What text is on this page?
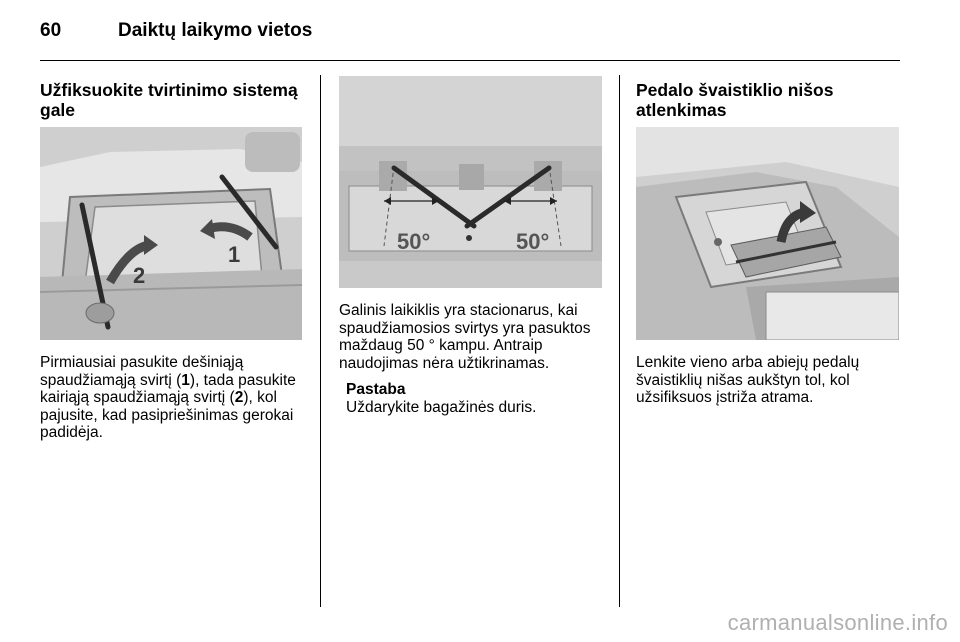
60	Daiktų laikymo vietos
Užfiksuokite tvirtinimo sistemą gale
1
2

Pirmiausiai pasukite dešiniąją spaudžiamąją svirtį (1), tada pasukite kairiąją spaudžiamąją svirtį (2), kol pajusite, kad pasipriešinimas gerokai padidėja.

50°	50°

Galinis laikiklis yra stacionarus, kai spaudžiamosios svirtys yra pasuktos maždaug 50 ° kampu. Antraip naudojimas nėra užtikrinamas.

Pastaba
Uždarykite bagažinės duris.
Pedalo švaistiklio nišos atlenkimas

Lenkite vieno arba abiejų pedalų švaistiklių nišas aukštyn tol, kol užsifiksuos įstriža atrama.

carmanualsonline.info
